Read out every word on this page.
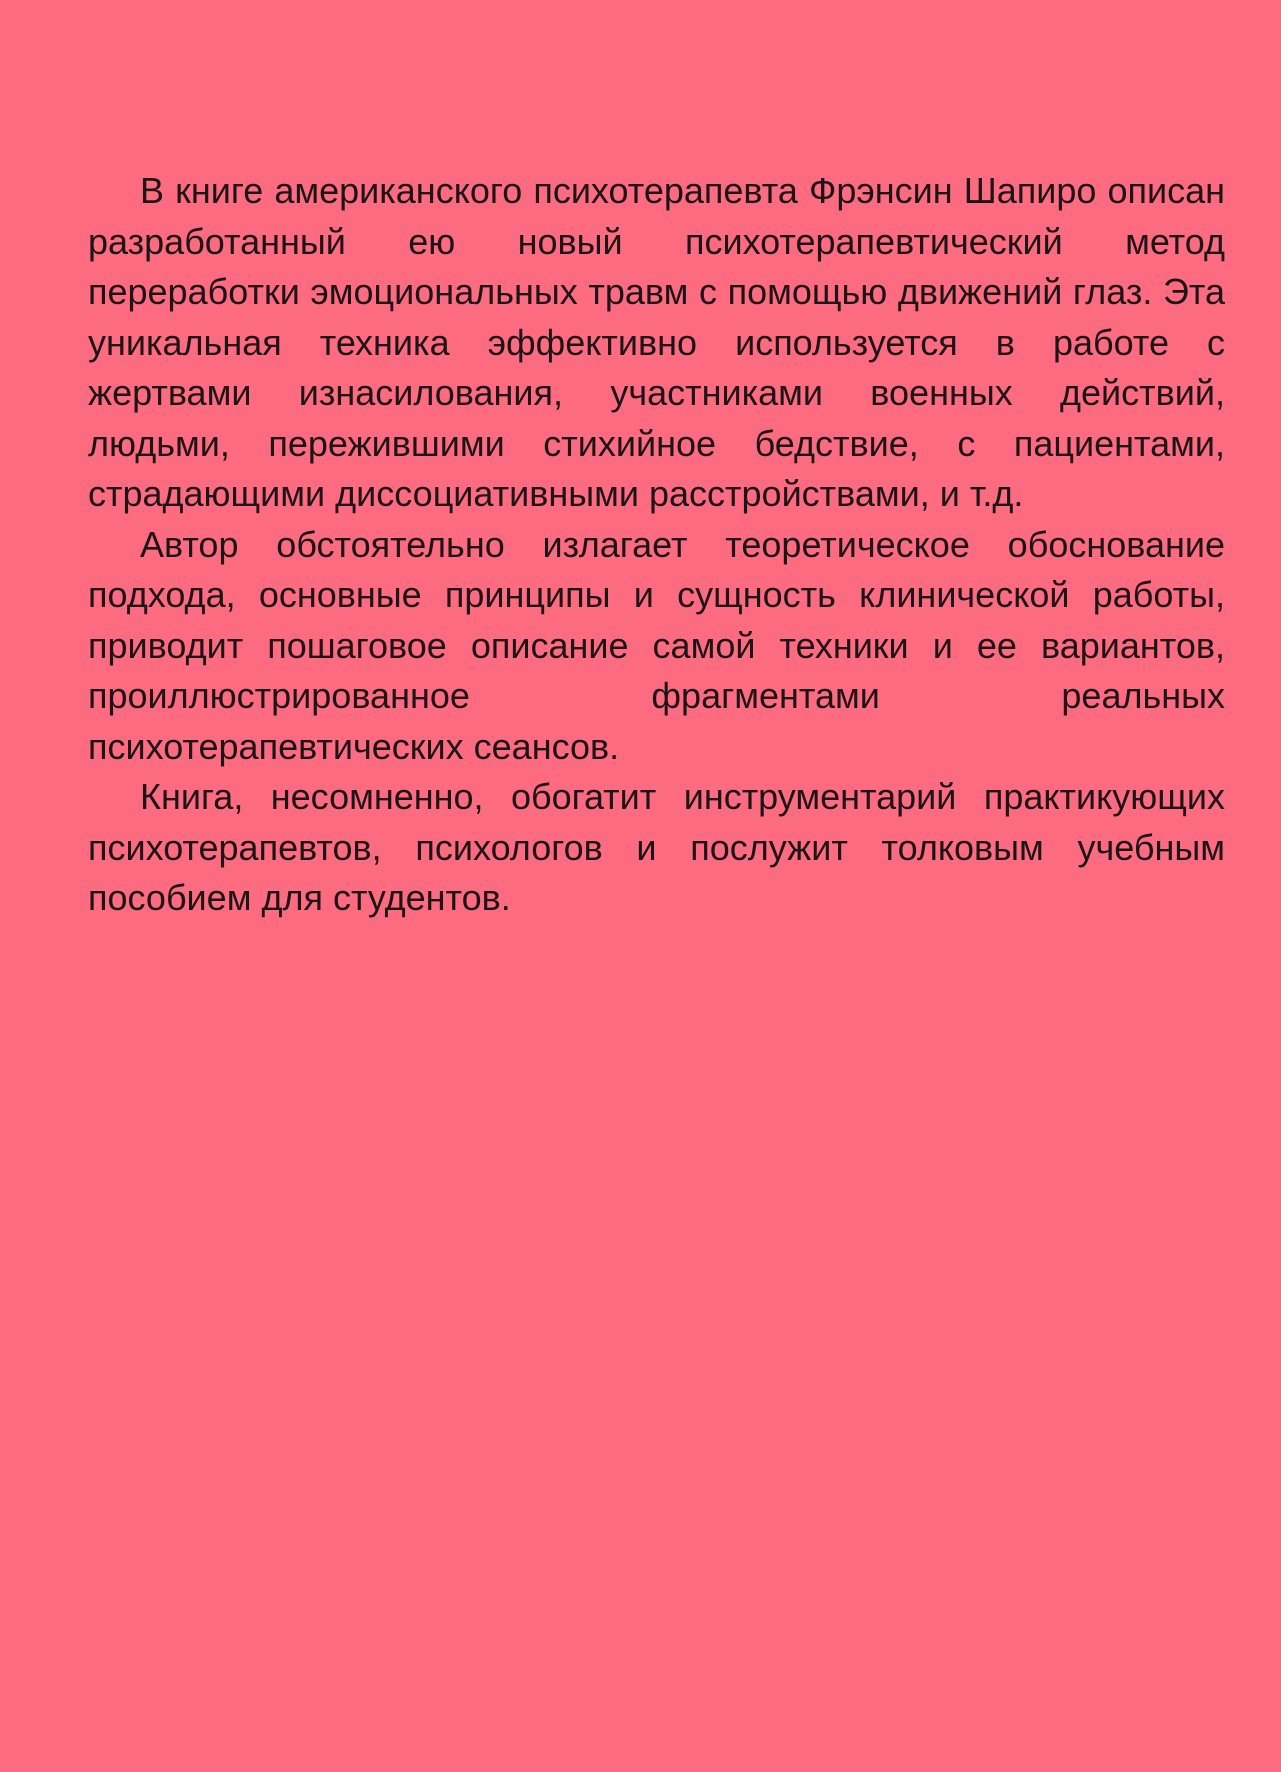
В книге американского психотерапевта Фрэнсин Шапиро описан разработанный ею новый психотерапевтический метод переработки эмоциональных травм с помощью движений глаз. Эта уникальная техника эффективно используется в работе с жертвами изнасилования, участниками военных действий, людьми, пережившими стихийное бедствие, с пациентами, страдающими диссоциативными расстройствами, и т.д.

Автор обстоятельно излагает теоретическое обоснование подхода, основные принципы и сущность клинической работы, приводит пошаговое описание самой техники и ее вариантов, проиллюстрированное фрагментами реальных психотерапевтических сеансов.

Книга, несомненно, обогатит инструментарий практикующих психотерапевтов, психологов и послужит толковым учебным пособием для студентов.
